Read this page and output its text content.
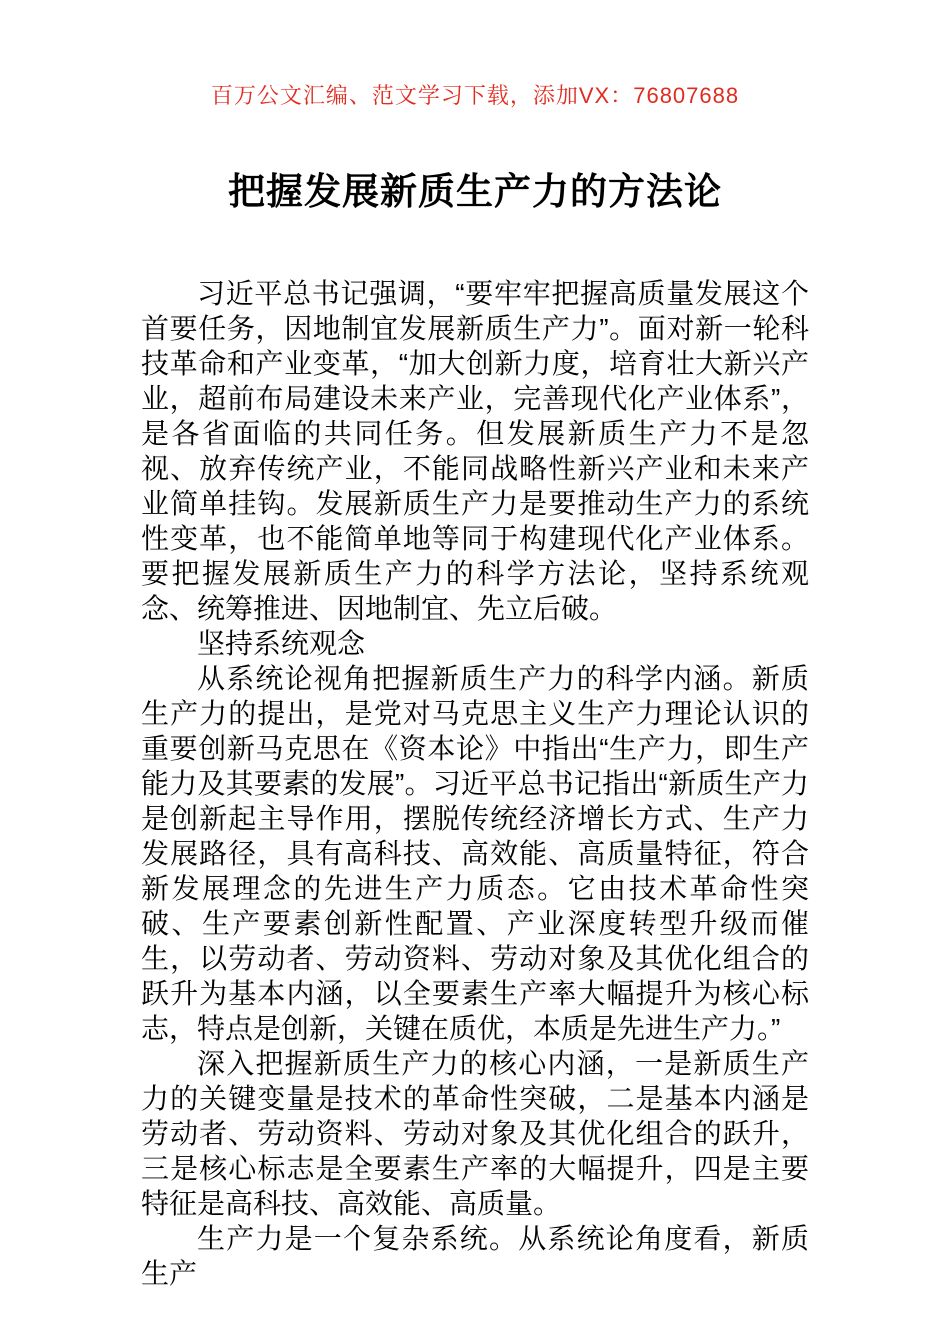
百万公文汇编、范文学习下载，添加VX：76807688
把握发展新质生产力的方法论

习近平总书记强调，“要牢牢把握高质量发展这个首要任务，因地制宜发展新质生产力”。面对新一轮科技革命和产业变革，“加大创新力度，培育壮大新兴产业，超前布局建设未来产业，完善现代化产业体系”，是各省面临的共同任务。但发展新质生产力不是忽视、放弃传统产业，不能同战略性新兴产业和未来产业简单挂钩。发展新质生产力是要推动生产力的系统性变革，也不能简单地等同于构建现代化产业体系。要把握发展新质生产力的科学方法论，坚持系统观念、统筹推进、因地制宜、先立后破。

坚持系统观念

从系统论视角把握新质生产力的科学内涵。新质生产力的提出，是党对马克思主义生产力理论认识的重要创新马克思在《资本论》中指出“生产力，即生产能力及其要素的发展”。习近平总书记指出“新质生产力是创新起主导作用，摆脱传统经济增长方式、生产力发展路径，具有高科技、高效能、高质量特征，符合新发展理念的先进生产力质态。它由技术革命性突破、生产要素创新性配置、产业深度转型升级而催生，以劳动者、劳动资料、劳动对象及其优化组合的跃升为基本内涵，以全要素生产率大幅提升为核心标志，特点是创新，关键在质优，本质是先进生产力。”

深入把握新质生产力的核心内涵，一是新质生产力的关键变量是技术的革命性突破，二是基本内涵是劳动者、劳动资料、劳动对象及其优化组合的跃升，三是核心标志是全要素生产率的大幅提升，四是主要特征是高科技、高效能、高质量。

生产力是一个复杂系统。从系统论角度看，新质生产
